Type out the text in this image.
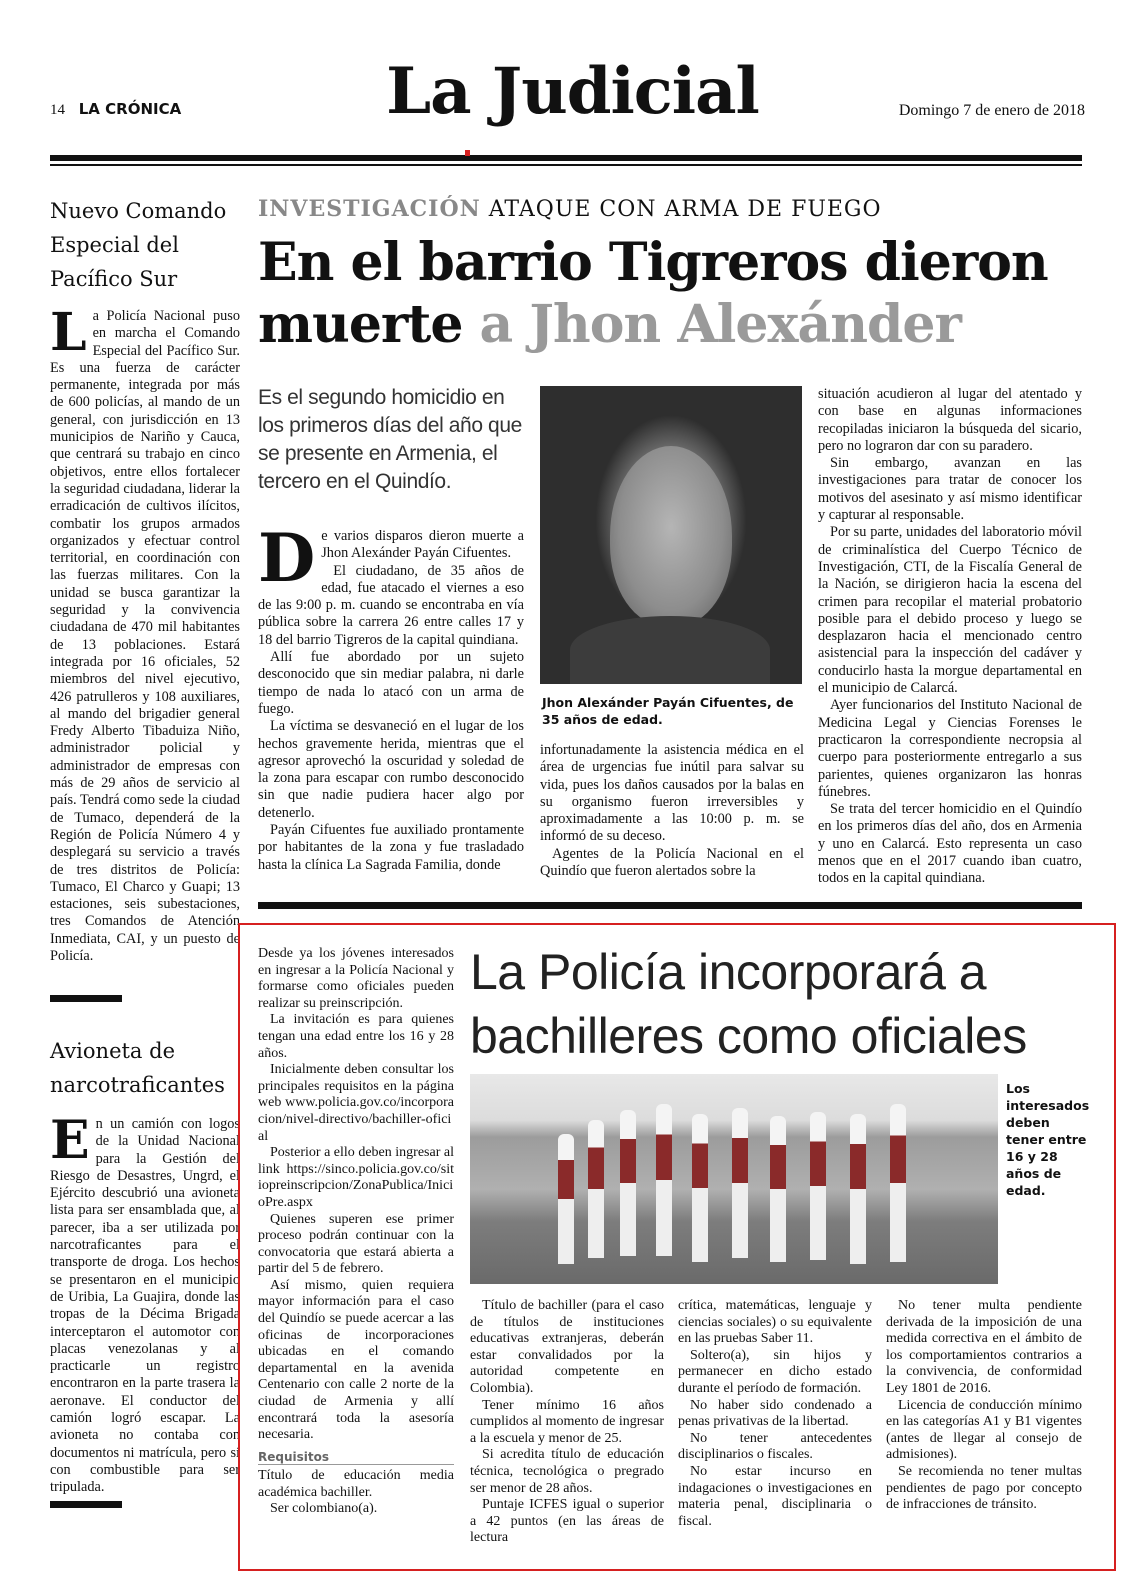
14 LA CRÓNICA	La Judicial	Domingo 7 de enero de 2018
Nuevo Comando
Especial del
Pacífico Sur
L a Policía Nacional puso en marcha el Comando Especial del Pacífico Sur. Es una fuerza de carácter permanente, integrada por más de 600 policías, al mando de un general, con jurisdicción en 13 municipios de Nariño y Cauca, que centrará su trabajo en cinco objetivos, entre ellos fortalecer la seguridad ciudadana, liderar la erradicación de cultivos ilícitos, combatir los grupos armados organizados y efectuar control territorial, en coordinación con las fuerzas militares. Con la unidad se busca garantizar la seguridad y la convivencia ciudadana de 470 mil habitantes de 13 poblaciones. Estará integrada por 16 oficiales, 52 miembros del nivel ejecutivo, 426 patrulleros y 108 auxiliares, al mando del brigadier general Fredy Alberto Tibaduiza Niño, administrador policial y administrador de empresas con más de 29 años de servicio al país. Tendrá como sede la ciudad de Tumaco, dependerá de la Región de Policía Número 4 y desplegará su servicio a través de tres distritos de Policía: Tumaco, El Charco y Guapi; 13 estaciones, seis subestaciones, tres Comandos de Atención Inmediata, CAI, y un puesto de Policía.
Avioneta de
narcotraficantes
E n un camión con logos de la Unidad Nacional para la Gestión del Riesgo de Desastres, Ungrd, el Ejército descubrió una avioneta lista para ser ensamblada que, al parecer, iba a ser utilizada por narcotraficantes para el transporte de droga. Los hechos se presentaron en el municipio de Uribia, La Guajira, donde las tropas de la Décima Brigada interceptaron el automotor con placas venezolanas y al practicarle un registro encontraron en la parte trasera la aeronave. El conductor del camión logró escapar. La avioneta no contaba con documentos ni matrícula, pero sí con combustible para ser tripulada.
INVESTIGACIÓN ATAQUE CON ARMA DE FUEGO
En el barrio Tigreros dieron
muerte a Jhon Alexánder
Es el segundo homicidio en los primeros días del año que se presente en Armenia, el tercero en el Quindío.
D e varios disparos dieron muerte a Jhon Alexánder Payán Cifuentes.

El ciudadano, de 35 años de edad, fue atacado el viernes a eso de las 9:00 p. m. cuando se encontraba en vía pública sobre la carrera 26 entre calles 17 y 18 del barrio Tigreros de la capital quindiana.

Allí fue abordado por un sujeto desconocido que sin mediar palabra, ni darle tiempo de nada lo atacó con un arma de fuego.

La víctima se desvaneció en el lugar de los hechos gravemente herida, mientras que el agresor aprovechó la oscuridad y soledad de la zona para escapar con rumbo desconocido sin que nadie pudiera hacer algo por detenerlo.

Payán Cifuentes fue auxiliado prontamente por habitantes de la zona y fue trasladado hasta la clínica La Sagrada Familia, donde

Jhon Alexánder Payán Cifuentes, de 35 años de edad.

infortunadamente la asistencia médica en el área de urgencias fue inútil para salvar su vida, pues los daños causados por la balas en su organismo fueron irreversibles y aproximadamente a las 10:00 p. m. se informó de su deceso.

Agentes de la Policía Nacional en el Quindío que fueron alertados sobre la

situación acudieron al lugar del atentado y con base en algunas informaciones recopiladas iniciaron la búsqueda del sicario, pero no lograron dar con su paradero.

Sin embargo, avanzan en las investigaciones para tratar de conocer los motivos del asesinato y así mismo identificar y capturar al responsable.

Por su parte, unidades del laboratorio móvil de criminalística del Cuerpo Técnico de Investigación, CTI, de la Fiscalía General de la Nación, se dirigieron hacia la escena del crimen para recopilar el material probatorio posible para el debido proceso y luego se desplazaron hacia el mencionado centro asistencial para la inspección del cadáver y conducirlo hasta la morgue departamental en el municipio de Calarcá.

Ayer funcionarios del Instituto Nacional de Medicina Legal y Ciencias Forenses le practicaron la correspondiente necropsia al cuerpo para posteriormente entregarlo a sus parientes, quienes organizaron las honras fúnebres.

Se trata del tercer homicidio en el Quindío en los primeros días del año, dos en Armenia y uno en Calarcá. Esto representa un caso menos que en el 2017 cuando iban cuatro, todos en la capital quindiana.

Desde ya los jóvenes interesados en ingresar a la Policía Nacional y formarse como oficiales pueden realizar su preinscripción.

La invitación es para quienes tengan una edad entre los 16 y 28 años.

Inicialmente deben consultar los principales requisitos en la página web www.policia.gov.co/incorporacion/nivel-directivo/bachiller-oficial

Posterior a ello deben ingresar al link https://sinco.policia.gov.co/sitiopreinscripcion/ZonaPublica/InicioPre.aspx

Quienes superen ese primer proceso podrán continuar con la convocatoria que estará abierta a partir del 5 de febrero.

Así mismo, quien requiera mayor información para el caso del Quindío se puede acercar a las oficinas de incorporaciones ubicadas en el comando departamental en la avenida Centenario con calle 2 norte de la ciudad de Armenia y allí encontrará toda la asesoría necesaria.

Requisitos

Título de educación media académica bachiller.

Ser colombiano(a).

La Policía incorporará a
bachilleres como oficiales
Los interesados deben tener entre 16 y 28 años de edad.

Título de bachiller (para el caso de títulos de instituciones educativas extranjeras, deberán estar convalidados por la autoridad competente en Colombia).

Tener mínimo 16 años cumplidos al momento de ingresar a la escuela y menor de 25.

Si acredita título de educación técnica, tecnológica o pregrado ser menor de 28 años.

Puntaje ICFES igual o superior a 42 puntos (en las áreas de lectura

crítica, matemáticas, lenguaje y ciencias sociales) o su equivalente en las pruebas Saber 11.

Soltero(a), sin hijos y permanecer en dicho estado durante el período de formación.

No haber sido condenado a penas privativas de la libertad.

No tener antecedentes disciplinarios o fiscales.

No estar incurso en indagaciones o investigaciones en materia penal, disciplinaria o fiscal.

No tener multa pendiente derivada de la imposición de una medida correctiva en el ámbito de los comportamientos contrarios a la convivencia, de conformidad Ley 1801 de 2016.

Licencia de conducción mínimo en las categorías A1 y B1 vigentes (antes de llegar al consejo de admisiones).

Se recomienda no tener multas pendientes de pago por concepto de infracciones de tránsito.
